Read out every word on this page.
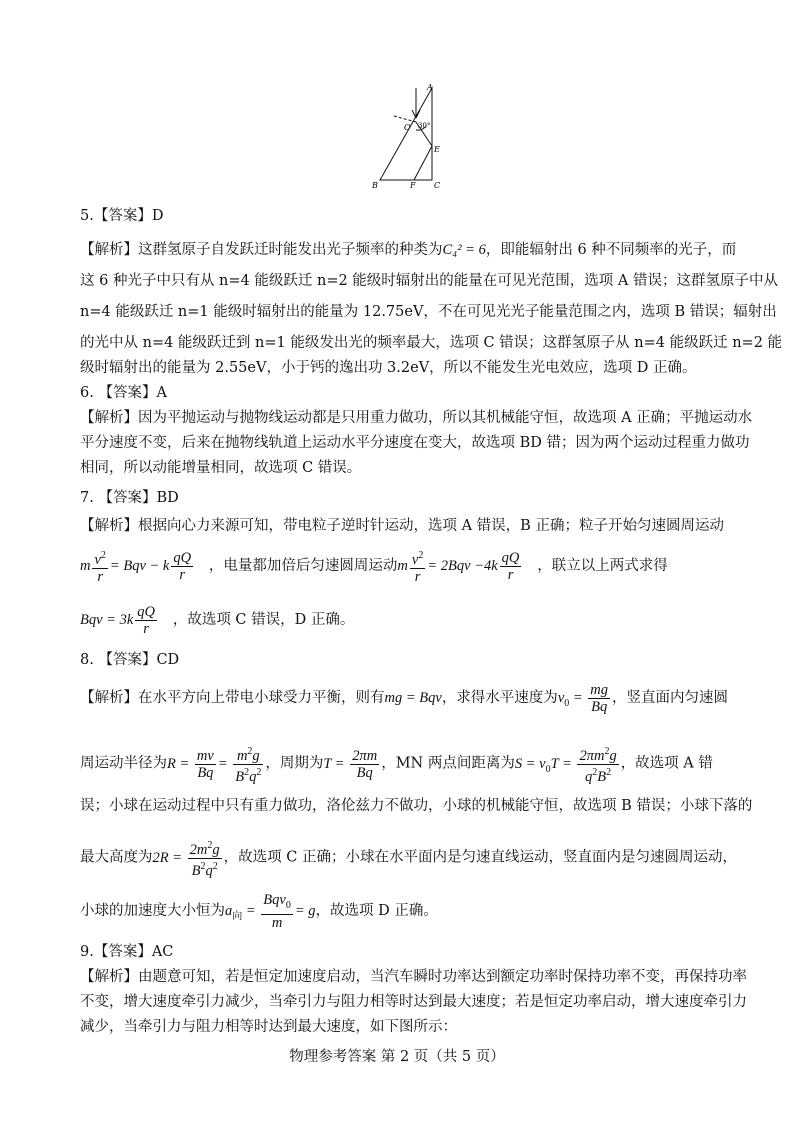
A
O 30°
E
B	F C
5.【答案】D
【解析】这群氢原子自发跃迁时能发出光子频率的种类为C₄² = 6，即能辐射出 6 种不同频率的光子，而
这 6 种光子中只有从 n=4 能级跃迁 n=2 能级时辐射出的能量在可见光范围，选项 A 错误；这群氢原子中从
n=4 能级跃迁 n=1 能级时辐射出的能量为 12.75eV，不在可见光光子能量范围之内，选项 B 错误；辐射出
的光中从 n=4 能级跃迁到 n=1 能级发出光的频率最大，选项 C 错误；这群氢原子从 n=4 能级跃迁 n=2 能
级时辐射出的能量为 2.55eV，小于钙的逸出功 3.2eV，所以不能发生光电效应，选项 D 正确。
6. 【答案】A
【解析】因为平抛运动与抛物线运动都是只用重力做功，所以其机械能守恒，故选项 A 正确；平抛运动水
平分速度不变，后来在抛物线轨道上运动水平分速度在变大，故选项 BD 错；因为两个运动过程重力做功
相同，所以动能增量相同，故选项 C 错误。
7. 【答案】BD
【解析】根据向心力来源可知，带电粒子逆时针运动，选项 A 错误，B 正确；粒子开始匀速圆周运动
m $\frac{v^2}{r}$ = Bqv − k $\frac{qQ}{r}$ ，电量都加倍后匀速圆周运动m $\frac{v^2}{r} = 2Bqv -4k \frac{qQ}{r}$ ，联立以上两式求得
Bqv = $3k \frac{qQ}{r}$ ，故选项 C 错误，D 正确。
8. 【答案】CD
【解析】在水平方向上带电小球受力平衡，则有mg = Bqv，求得水平速度为$v_0 = \frac{mg}{Bq}$ ，竖直面内匀速圆
周运动半径为$R = \frac{mv}{Bq} = \frac{m^2g}{B^2q^2}$ ，周期为$T = \frac{2\pi m}{Bq}$ ，MN 两点间距离为$S = v_0T = \frac{2\pi m^2g}{q^2B^2}$ ，故选项 A 错
误；小球在运动过程中只有重力做功，洛伦兹力不做功，小球的机械能守恒，故选项 B 错误；小球下落的
最大高度为$2R = \frac{2m^2g}{B^2q^2}$ ，故选项 C 正确；小球在水平面内是匀速直线运动，竖直面内是匀速圆周运动，
小球的加速度大小恒为$a_向 = \frac{Bqv_0}{m} = g$，故选项 D 正确。
9.【答案】AC
【解析】由题意可知，若是恒定加速度启动，当汽车瞬时功率达到额定功率时保持功率不变，再保持功率
不变，增大速度牵引力减少，当牵引力与阻力相等时达到最大速度；若是恒定功率启动，增大速度牵引力
减少，当牵引力与阻力相等时达到最大速度，如下图所示：
物理参考答案 第 2 页（共 5 页）
